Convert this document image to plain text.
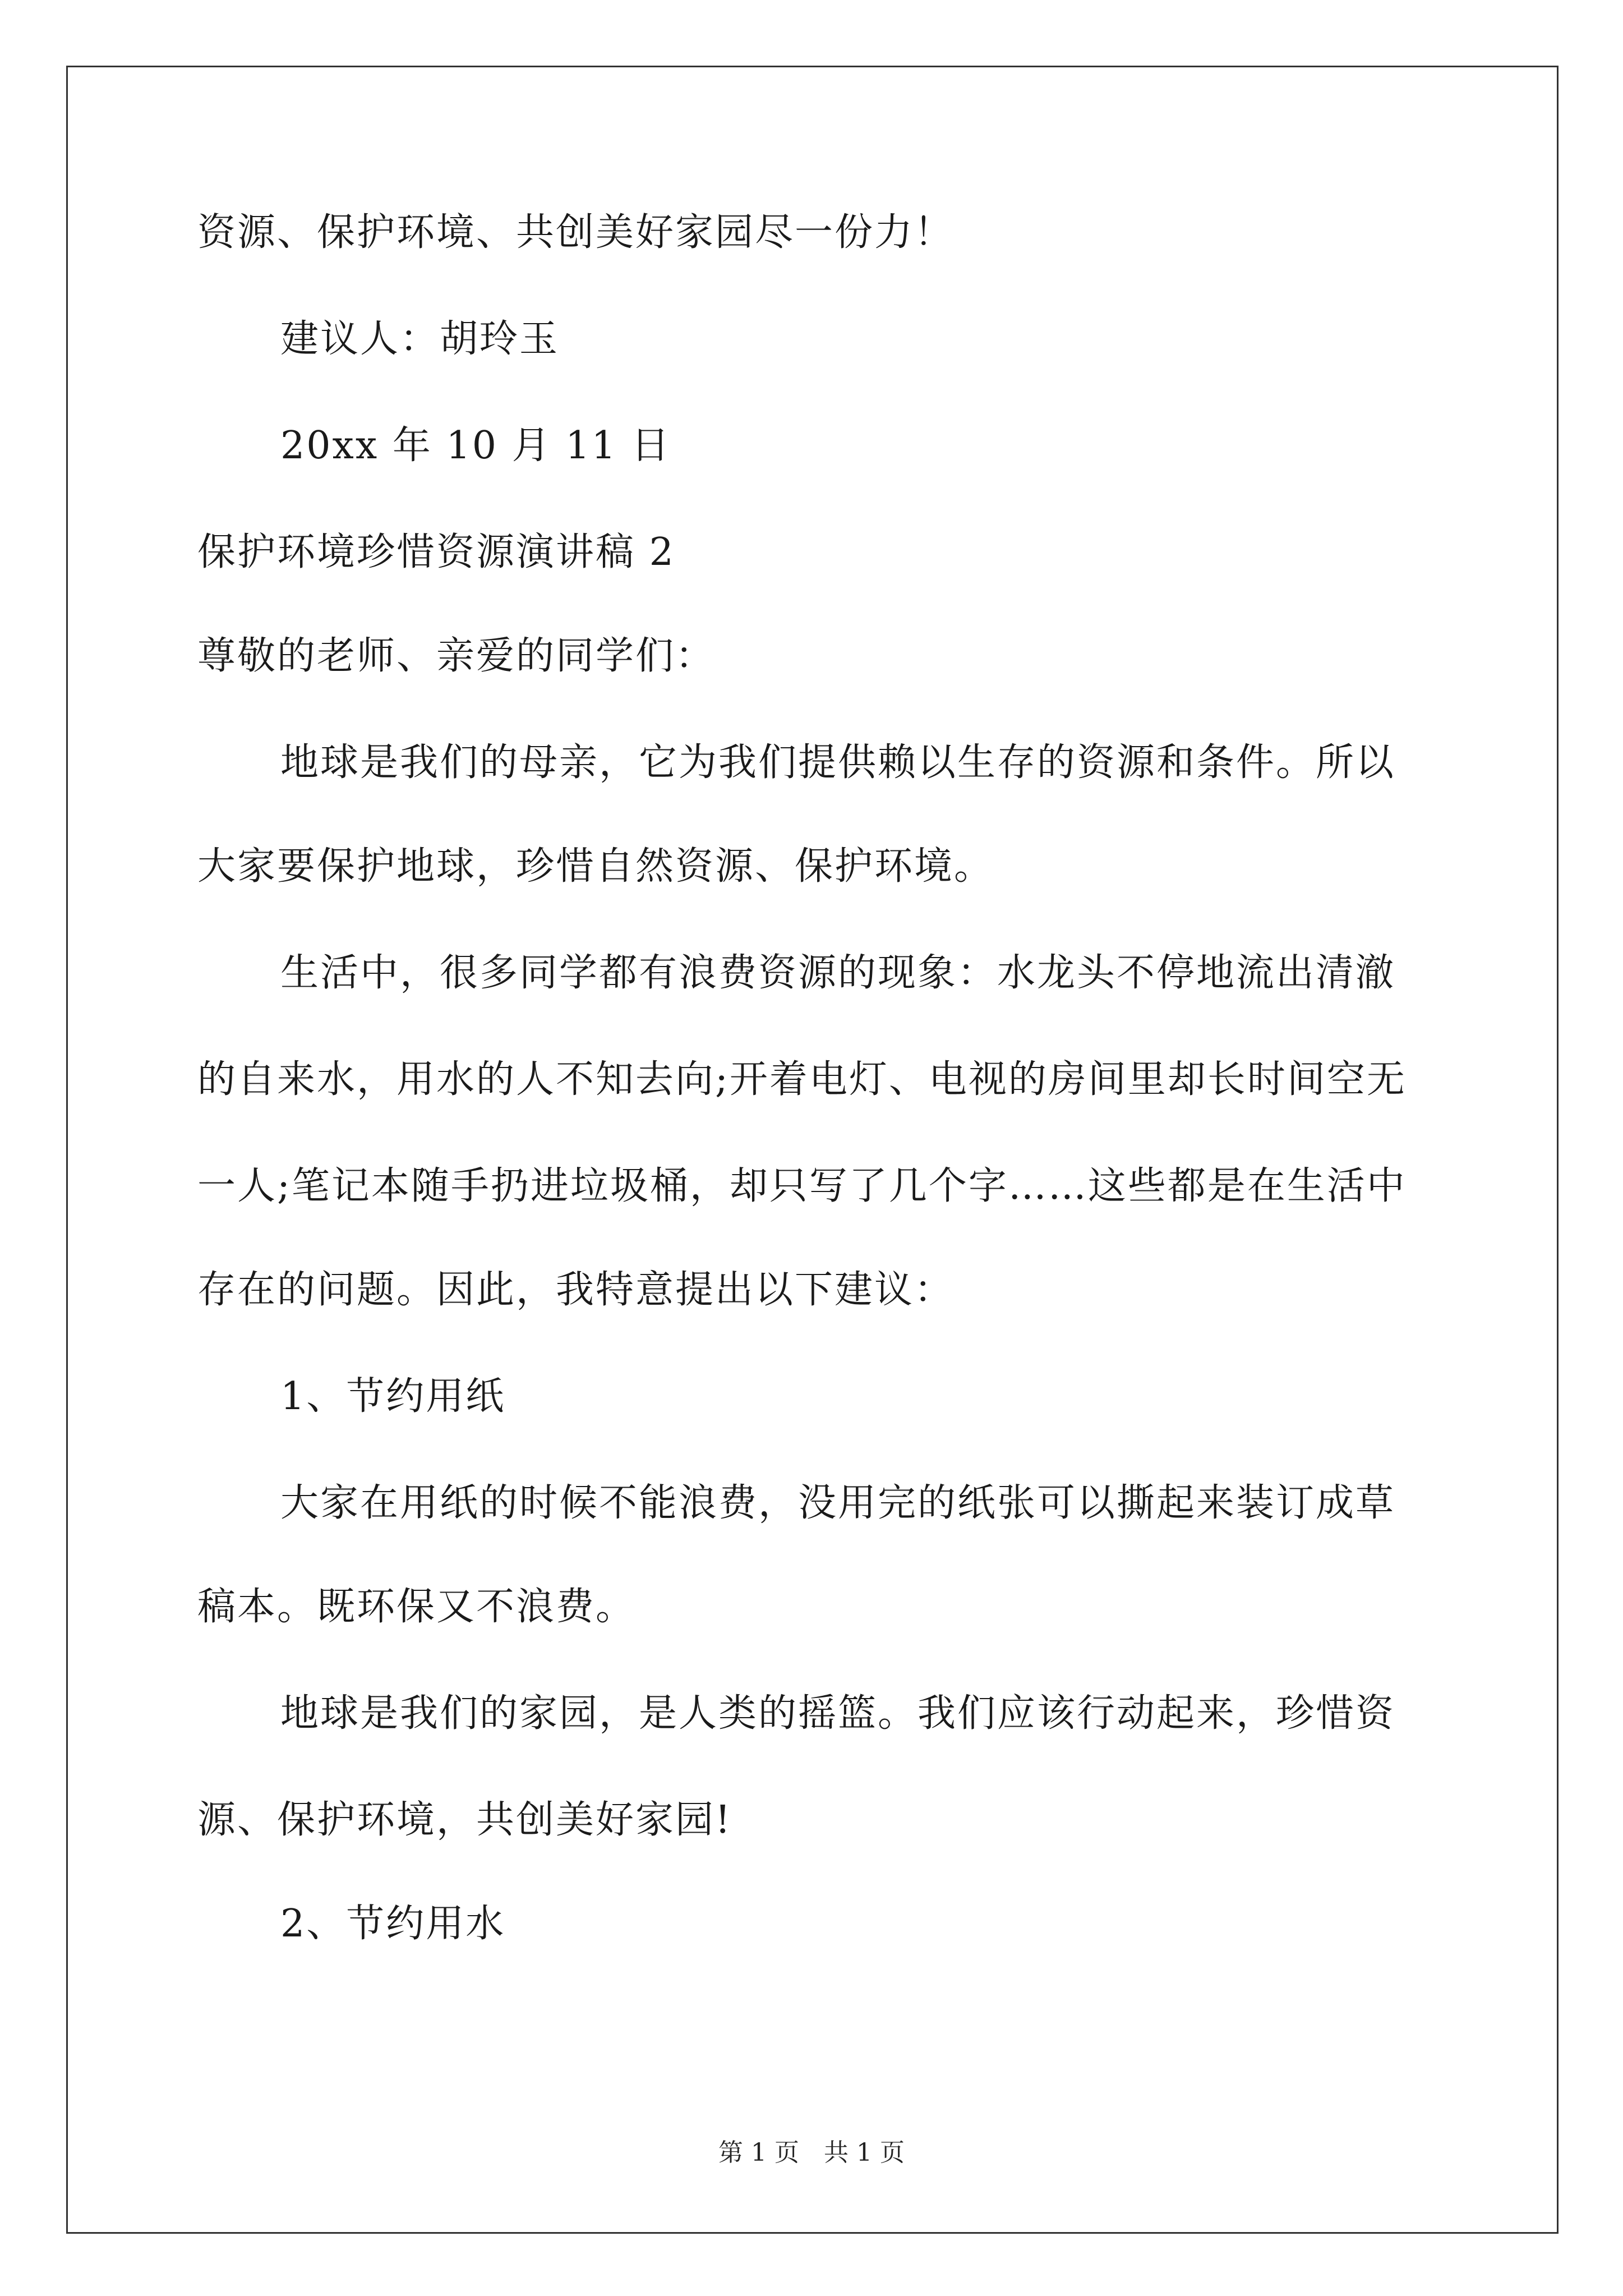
资源、保护环境、共创美好家园尽一份力！
建议人：胡玲玉
20xx 年 10 月 11 日
保护环境珍惜资源演讲稿 2
尊敬的老师、亲爱的同学们：
地球是我们的母亲，它为我们提供赖以生存的资源和条件。所以
大家要保护地球，珍惜自然资源、保护环境。
生活中，很多同学都有浪费资源的现象：水龙头不停地流出清澈
的自来水，用水的人不知去向;开着电灯、电视的房间里却长时间空无
一人;笔记本随手扔进垃圾桶，却只写了几个字……这些都是在生活中
存在的问题。因此，我特意提出以下建议：
1、节约用纸
大家在用纸的时候不能浪费，没用完的纸张可以撕起来装订成草
稿本。既环保又不浪费。
地球是我们的家园，是人类的摇篮。我们应该行动起来，珍惜资
源、保护环境，共创美好家园!
2、节约用水
第 1 页　共 1 页
